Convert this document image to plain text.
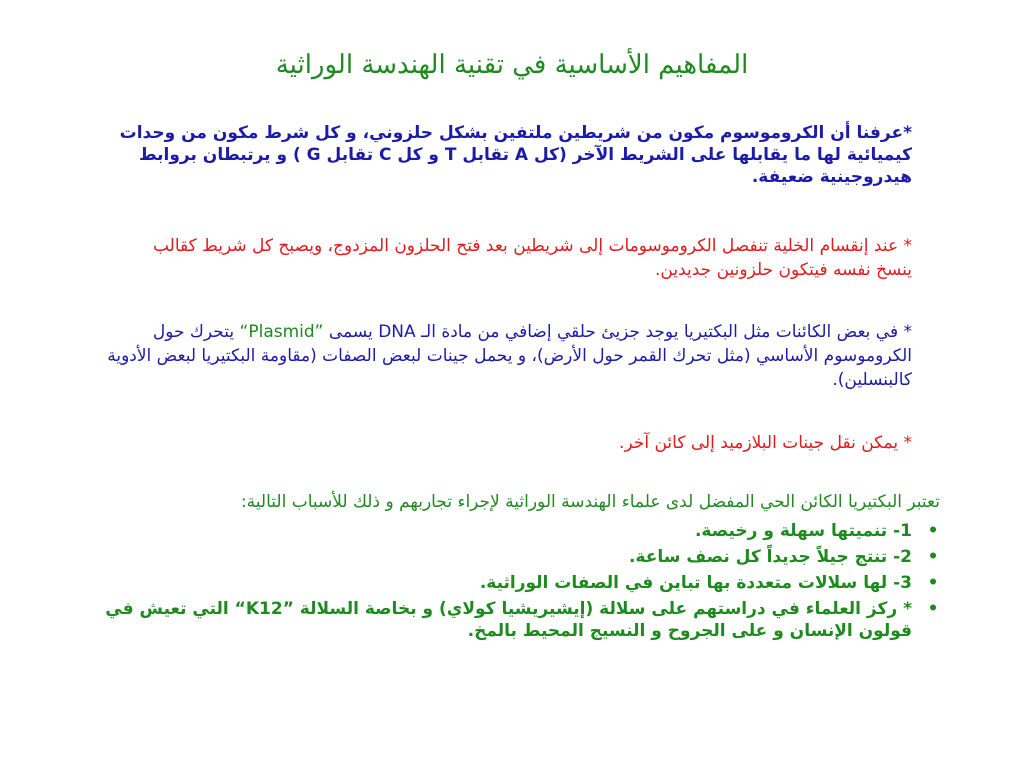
المفاهيم الأساسية في تقنية الهندسة الوراثية
*عرفنا أن الكروموسوم مكون من شريطين ملتفين بشكل حلزوني، و كل شرط مكون من وحدات كيميائية لها ما يقابلها على الشريط الآخر (كل A تقابل T و كل C تقابل G ) و يرتبطان بروابط هيدروجينية ضعيفة.
* عند إنقسام الخلية تنفصل الكروموسومات إلى شريطين بعد فتح الحلزون المزدوج، ويصبح كل شريط كقالب ينسخ نفسه فيتكون حلزونين جديدين.
* في بعض الكائنات مثل البكتيريا يوجد جزيئ حلقي إضافي من مادة الـ DNA يسمى ”Plasmid“ يتحرك حول الكروموسوم الأساسي (مثل تحرك القمر حول الأرض)، و يحمل جينات لبعض الصفات (مقاومة البكتيريا لبعض الأدوية كالبنسلين).
* يمكن نقل جينات البلازميد إلى كائن آخر.
تعتبر البكتيريا الكائن الحي المفضل لدى علماء الهندسة الوراثية لإجراء تجاربهم و ذلك للأسباب التالية:
•
1- تنميتها سهلة و رخيصة.
•
2- تنتج جيلاً جديداً كل نصف ساعة.
•
3- لها سلالات متعددة بها تباين في الصفات الوراثية.
•
* ركز العلماء في دراستهم على سلالة (إيشيريشيا كولاي) و بخاصة السلالة ”K12“ التي تعيش في قولون الإنسان و على الجروح و النسيج المحيط بالمخ.
